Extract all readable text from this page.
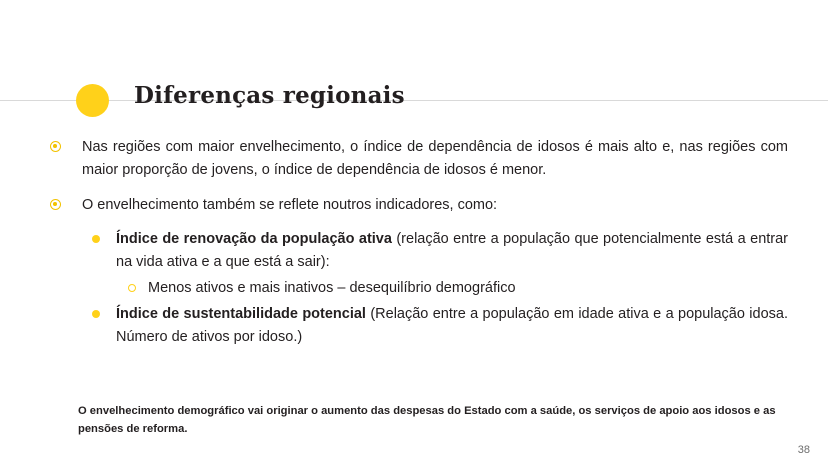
Diferenças regionais
Nas regiões com maior envelhecimento, o índice de dependência de idosos é mais alto e, nas regiões com maior proporção de jovens, o índice de dependência de idosos é menor.
O envelhecimento também se reflete noutros indicadores, como:
Índice de renovação da população ativa (relação entre a população que potencialmente está a entrar na vida ativa e a que está a sair):
Menos ativos e mais inativos – desequilíbrio demográfico
Índice de sustentabilidade potencial (Relação entre a população em idade ativa e a população idosa. Número de ativos por idoso.)
O envelhecimento demográfico vai originar o aumento das despesas do Estado com a saúde, os serviços de apoio aos idosos e as pensões de reforma.
38
